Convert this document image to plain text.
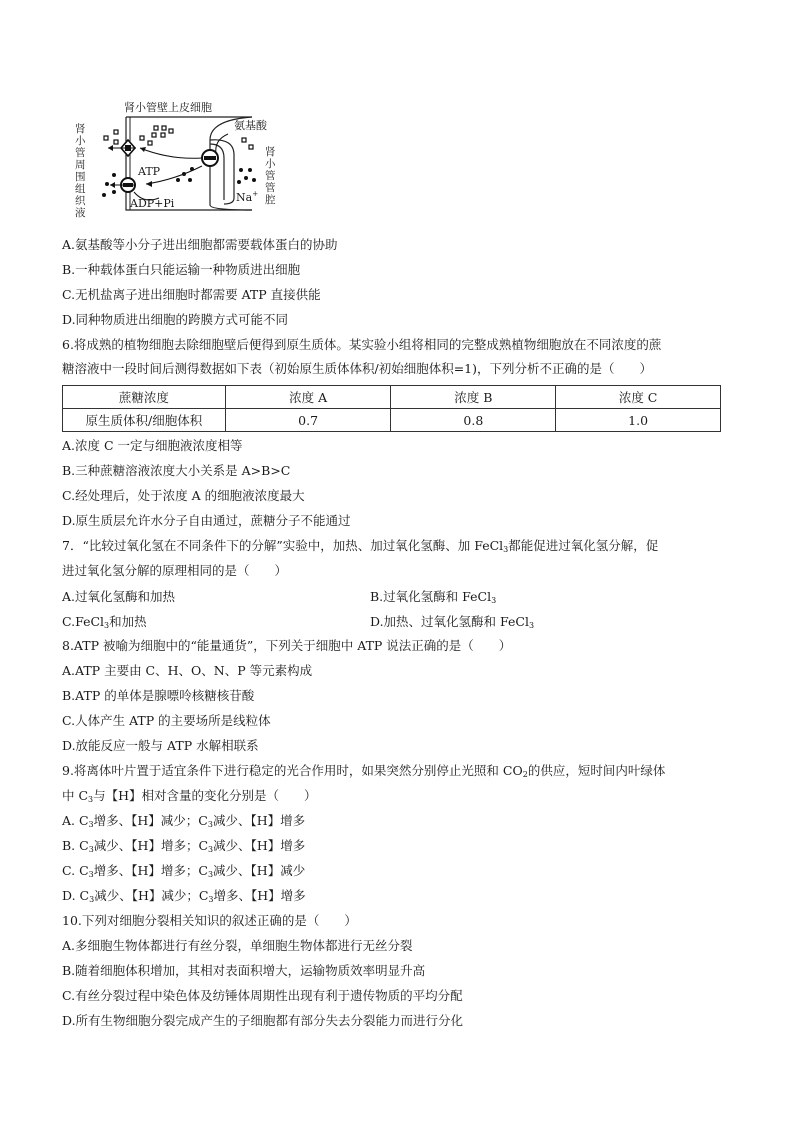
肾小管壁上皮细胞
肾
小
管
周
围
组
织
液
肾
小
管
管
腔
氨基酸
ATP
ADP+Pi	Na+
A.氨基酸等小分子进出细胞都需要载体蛋白的协助
B.一种载体蛋白只能运输一种物质进出细胞
C.无机盐离子进出细胞时都需要 ATP 直接供能
D.同种物质进出细胞的跨膜方式可能不同
6.将成熟的植物细胞去除细胞壁后便得到原生质体。某实验小组将相同的完整成熟植物细胞放在不同浓度的蔗
糖溶液中一段时间后测得数据如下表（初始原生质体体积/初始细胞体积=1)，下列分析不正确的是（　　）
蔗糖浓度	浓度 A	浓度 B	浓度 C
原生质体积/细胞体积	0.7	0.8	1.0
A.浓度 C 一定与细胞液浓度相等
B.三种蔗糖溶液浓度大小关系是 A>B>C
C.经处理后，处于浓度 A 的细胞液浓度最大
D.原生质层允许水分子自由通过，蔗糖分子不能通过
7．“比较过氧化氢在不同条件下的分解”实验中，加热、加过氧化氢酶、加 FeCl$_3$都能促进过氧化氢分解，促
进过氧化氢分解的原理相同的是（　　）
A.过氧化氢酶和加热	B.过氧化氢酶和 FeCl$_3$
C.FeCl$_3$和加热	D.加热、过氧化氢酶和 FeCl$_3$
8.ATP 被喻为细胞中的“能量通货”，下列关于细胞中 ATP 说法正确的是（　　）
A.ATP 主要由 C、H、O、N、P 等元素构成
B.ATP 的单体是腺嘌呤核糖核苷酸
C.人体产生 ATP 的主要场所是线粒体
D.放能反应一般与 ATP 水解相联系
9.将离体叶片置于适宜条件下进行稳定的光合作用时，如果突然分别停止光照和 $CO_2$的供应，短时间内叶绿体
中 $C_3$与【H】相对含量的变化分别是（　　）
A. $C_3$增多、【H】减少；$C_3$减少、【H】增多
B. $C_3$减少、【H】增多；$C_3$减少、【H】增多
C. $C_3$增多、【H】增多；$C_3$减少、【H】减少
D. $C_3$减少、【H】减少；$C_3$增多、【H】增多
10.下列对细胞分裂相关知识的叙述正确的是（　　）
A.多细胞生物体都进行有丝分裂，单细胞生物体都进行无丝分裂
B.随着细胞体积增加，其相对表面积增大，运输物质效率明显升高
C.有丝分裂过程中染色体及纺锤体周期性出现有利于遗传物质的平均分配
D.所有生物细胞分裂完成产生的子细胞都有部分失去分裂能力而进行分化
